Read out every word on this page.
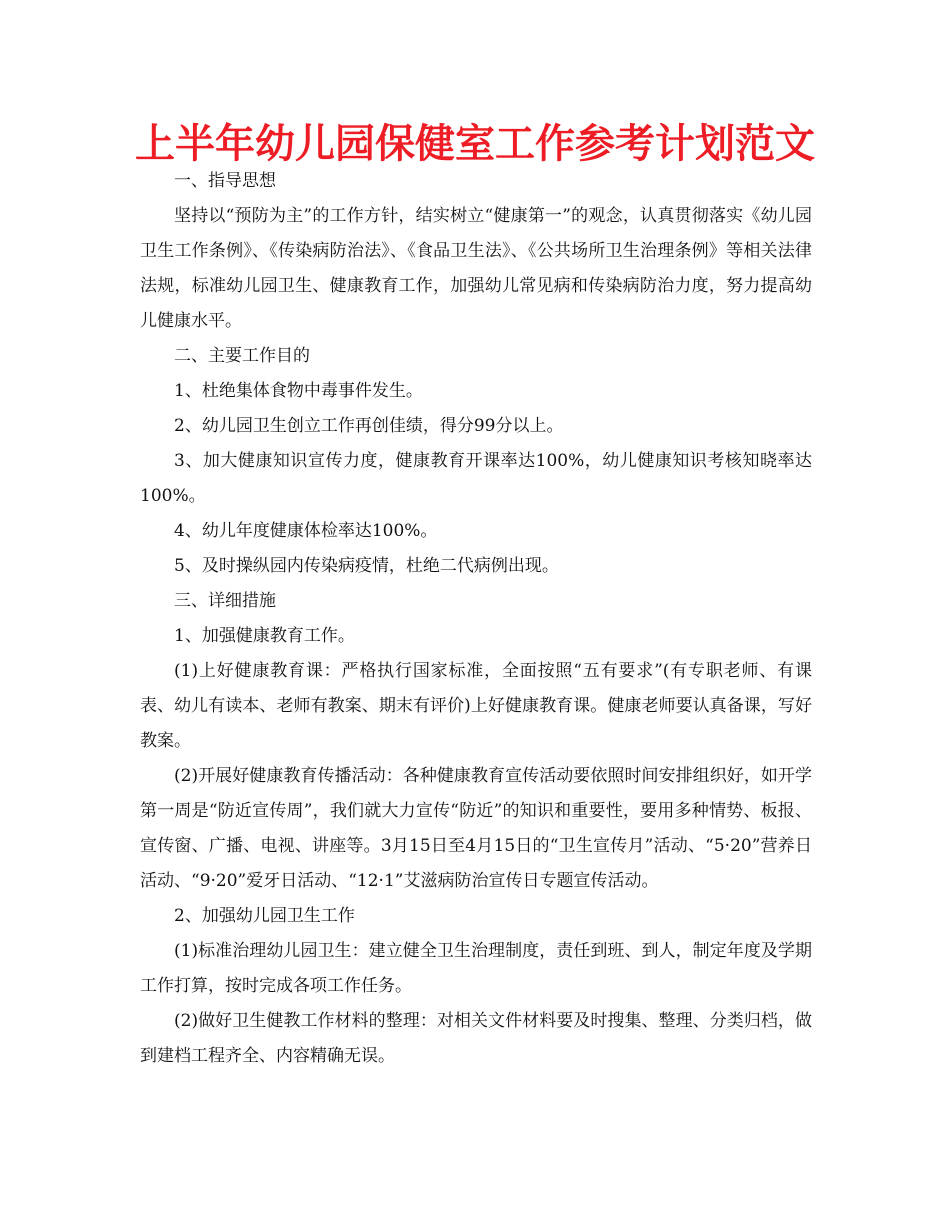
上半年幼儿园保健室工作参考计划范文

一、指导思想

坚持以“预防为主”的工作方针，结实树立“健康第一”的观念，认真贯彻落实《幼儿园卫生工作条例》、《传染病防治法》、《食品卫生法》、《公共场所卫生治理条例》等相关法律法规，标准幼儿园卫生、健康教育工作，加强幼儿常见病和传染病防治力度，努力提高幼儿健康水平。

二、主要工作目的

1、杜绝集体食物中毒事件发生。

2、幼儿园卫生创立工作再创佳绩，得分99分以上。

3、加大健康知识宣传力度，健康教育开课率达100%，幼儿健康知识考核知晓率达100%。

4、幼儿年度健康体检率达100%。

5、及时操纵园内传染病疫情，杜绝二代病例出现。

三、详细措施

1、加强健康教育工作。

(1)上好健康教育课：严格执行国家标准，全面按照“五有要求”(有专职老师、有课表、幼儿有读本、老师有教案、期末有评价)上好健康教育课。健康老师要认真备课，写好教案。

(2)开展好健康教育传播活动：各种健康教育宣传活动要依照时间安排组织好，如开学第一周是“防近宣传周”，我们就大力宣传“防近”的知识和重要性，要用多种情势、板报、宣传窗、广播、电视、讲座等。3月15日至4月15日的“卫生宣传月”活动、“5·20”营养日活动、“9·20”爱牙日活动、“12·1”艾滋病防治宣传日专题宣传活动。

2、加强幼儿园卫生工作

(1)标准治理幼儿园卫生：建立健全卫生治理制度，责任到班、到人，制定年度及学期工作打算，按时完成各项工作任务。

(2)做好卫生健教工作材料的整理：对相关文件材料要及时搜集、整理、分类归档，做到建档工程齐全、内容精确无误。
